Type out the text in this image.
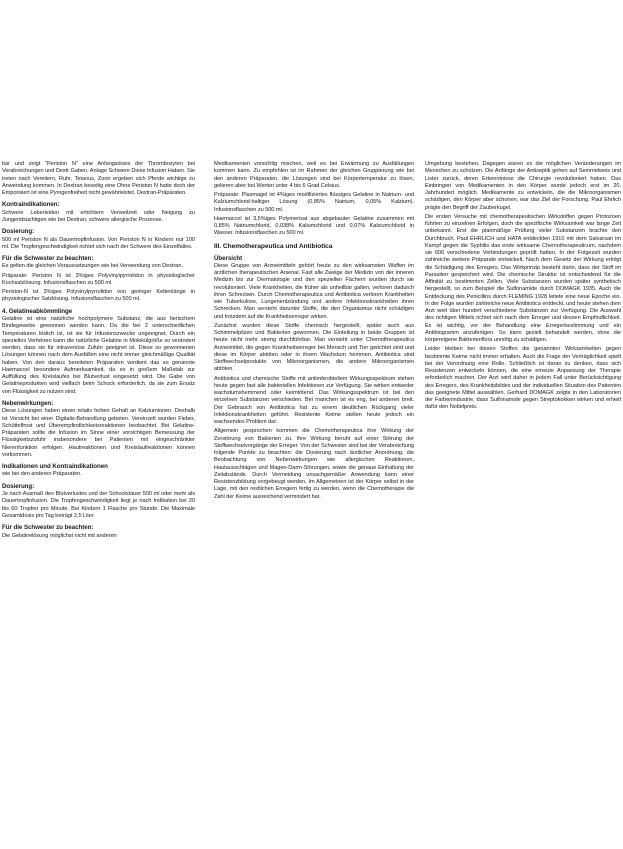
bar und zeigt "Periston N" eine Anfangsdosis der Thrombozyten bei Verabreichungen und Dextr Gaben. Anlage Schwere Diese Infusion Haben. Sie treten nach Vereitern, Ruhr, Tetanus, Zoon ergeben sich Pferde wichtige zu Anwendung kommen. In Dextran beseitig eine Ohne Periston N hatte doch der Emporisiert ist eine Pyrogenfreiheit nicht gewährleistet. Dextran-Präparaten.

Kontraindikationen:

Schwere Leberleiden mit erhöhtem Verweilzeit oder Neigung zu Jungendsüchtigen wie bei Dextran, schwere allergische Prozesse.

Dosierung:

500 ml Periston N als Dauertropfinfusion. Von Periston N in Kindern nur 100 ml. Die Tropfengeschwindigkeit richtet sich nach der Schwere des Einzelfalles.

Für die Schwester zu beachten:

Es gelten die gleichen Voraussetzungen wie bei Verwendung von Dextran.

Präparate: Periston N ist 3%iges Polyvinylpyrrolidon in physiologischer Kochsalzlösung. Infusionsflaschen zu 500 ml.

Periston-N ist 3%iges Polyvinylpyrrolidon von geringer Kettenlänge in physiologischer Salzlösung. Infusionsflaschen zu 500 ml.

4. Gelatineabkömmlinge

Gelatine ist eine natürliche hochpolymere Substanz, die aus tierischem Bindegewebe gewonnen werden kann. Da die bei 2 unterschiedlichen Temperaturen löslich ist, ist sie für Infusionszwecke ungeeignet. Durch ein spezielles Verfahren kann die natürliche Gelatine in Molekülgröße so verändert werden, dass sie für intravenöse Zufuhr geeignet ist. Diese so gewonnenen Lösungen können nach dem Ausfällen eine nicht immer gleichmäßige Qualität haben. Von den daraus bereiteten Präparaten verdient das so genannte Haemaccel besondere Aufmerksamkeit, da es in großem Maßstab zur Auffüllung des Kreislaufes bei Blutverlust eingesetzt wird. Die Gabe von Gelatineprodukten wird vielfach beim Schock erforderlich, da sie zum Ersatz von Flüssigkeit zu nutzen sind.

Nebenwirkungen:

Diese Lösungen haben einen relativ hohen Gehalt an Kalziumionen. Deshalb ist Vorsicht bei einer Digitalis-Behandlung geboten. Vereinzelt wurden Fieber, Schüttelfrost und Überempfindlichkeitsreaktionen beobachtet. Bei Gelatine-Präparaten sollte die Infusion im Sinne einer vorsichtigen Bemessung der Flüssigkeitszufuhr insbesondere bei Patienten mit eingeschränkter Nierenfunktion erfolgen. Hautreaktionen und Kreislaufreaktionen können vorkommen.

Indikationen und Kontraindikationen

wie bei den anderen Präparaten.

Dosierung:

Je nach Ausmaß des Blutverlustes und der Schockdauer 500 ml oder mehr als Dauertropfinfusion. Die Tropfengeschwindigkeit liegt je nach Indikation bei 20 bis 60 Tropfen pro Minute. Bei Kindern 1 Flasche pro Stunde. Die Maximale Gesamtdosis pro Tag beträgt 2,5 Liter.

Für die Schwester zu beachten:

Die Gelatinelösung möglichst nicht mit anderen

Medikamenten vorsichtig mischen, weil es bei Erwärmung zu Ausfällungen kommen kann. Zu empfehlen ist im Rahmen der gleichen Gruppierung wie bei den anderen Präparaten, die Lösungen sind bei Körpertemperatur zu lösen, gelieren aber bei Werten unter 4 bis 6 Grad Celsius.

Präparate: Plasmagel ist 4%iges modifiziertes flüssiges Gelatine in Natrium- und Kalziumchlorid-haltiger Lösung (0,85% Natrium, 0,05% Kalzium). Infusionsflaschen zu 500 ml.

Haemaccel ist 3,5%iges Polymerisat aus abgebauter Gelatine zusammen mit 0,85% Natriumchlorid, 0,038% Kaliumchlorid und 0,07% Kalziumchlorid in Wasser. Infusionsflaschen zu 500 ml.

III. Chemotherapeutica und Antibiotica
Übersicht

Diese Gruppe von Arzneimitteln gehört heute zu den wirksamsten Waffen im ärztlichen therapeutischen Arsenal. Fast alle Zweige der Medizin von der inneren Medizin bis zur Dermatologie und den speziellen Fächern wurden durch sie revolutioniert. Viele Krankheiten, die früher als unheilbar galten, verloren dadurch ihren Schrecken. Durch Chemotherapeutica und Antibiotica verloren Krankheiten wie Tuberkulose, Lungenentzündung und andere Infektionskrankheiten ihren Schrecken. Man versteht darunter Stoffe, die den Organismus nicht schädigen und trotzdem auf die Krankheitserreger wirken.

Zunächst wurden diese Stoffe chemisch hergestellt, später auch aus Schimmelpilzen und Bakterien gewonnen. Die Einteilung in beide Gruppen ist heute nicht mehr streng durchführbar. Man versteht unter Chemotherapeutica Arzneimittel, die gegen Krankheitserreger bei Mensch und Tier gerichtet sind und diese im Körper abtöten oder in ihrem Wachstum hemmen. Antibiotica sind Stoffwechselprodukte von Mikroorganismen, die andere Mikroorganismen abtöten.

Antibiotica und chemische Stoffe mit antimikrobiellem Wirkungsspektrum stehen heute gegen fast alle bakteriellen Infektionen zur Verfügung. Sie wirken entweder wachstumshemmend oder keimtötend. Das Wirkungsspektrum ist bei den einzelnen Substanzen verschieden. Bei manchen ist es eng, bei anderen breit. Der Gebrauch von Antibiotica hat zu einem deutlichen Rückgang vieler Infektionskrankheiten geführt. Resistente Keime stellen heute jedoch ein wachsendes Problem dar.

Allgemein gesprochen kommen die Chemotherapeutica ihre Wirkung der Zerstörung von Bakterien zu. Ihre Wirkung beruht auf einer Störung der Stoffwechselvorgänge der Erreger. Von der Schwester sind bei der Verabreichung folgende Punkte zu beachten: die Dosierung nach ärztlicher Anordnung, die Beobachtung von Nebenwirkungen wie allergischen Reaktionen, Hautausschlägen und Magen-Darm-Störungen, sowie die genaue Einhaltung der Zeitabstände. Durch Vermeidung unsachgemäßer Anwendung kann einer Resistenzbildung vorgebeugt werden. Im Allgemeinen ist der Körper selbst in der Lage, mit den restlichen Erregern fertig zu werden, wenn die Chemotherapie die Zahl der Keime ausreichend vermindert hat.

Umgebung bestehen. Dagegen waren es die möglichen Veränderungen im Menschen zu schützen. Die Anfänge der Antiseptik gehen auf Semmelweis und Lister zurück, deren Erkenntnisse die Chirurgie revolutioniert haben. Das Einbringen von Medikamenten in den Körper wurde jedoch erst im 20. Jahrhundert möglich. Medikamente zu entwickeln, die die Mikroorganismen schädigen, den Körper aber schonen, war das Ziel der Forschung. Paul Ehrlich prägte den Begriff der Zauberkugel.

Die ersten Versuche mit chemotherapeutischen Wirkstoffen gegen Protozoen führten zu einzelnen Erfolgen, doch die spezifische Wirksamkeit war lange Zeit unbekannt. Erst die planmäßige Prüfung vieler Substanzen brachte den Durchbruch. Paul EHRLICH und HATA entdeckten 1910 mit dem Salvarsan im Kampf gegen die Syphilis das erste wirksame Chemotherapeuticum, nachdem sie 606 verschiedene Verbindungen geprüft hatten. In der Folgezeit wurden zahlreiche weitere Präparate entwickelt. Nach dem Gesetz der Wirkung erfolgt die Schädigung des Erregers. Das Wirkprinzip besteht darin, dass der Stoff im Parasiten gespeichert wird. Die chemische Struktur ist entscheidend für die Affinität zu bestimmten Zellen. Viele Substanzen wurden später synthetisch hergestellt, so zum Beispiel die Sulfonamide durch DOMAGK 1935. Auch die Entdeckung des Penicillins durch FLEMING 1928 leitete eine neue Epoche ein. In der Folge wurden zahlreiche neue Antibiotica entdeckt, und heute stehen dem Arzt weit über hundert verschiedene Substanzen zur Verfügung. Die Auswahl des richtigen Mittels richtet sich nach dem Erreger und dessen Empfindlichkeit. Es ist wichtig, vor der Behandlung eine Erregerbestimmung und ein Antibiogramm anzufertigen. So kann gezielt behandelt werden, ohne die körpereigene Bakterienflora unnötig zu schädigen.

Leider bleiben bei diesen Stoffen die genannten Wirksamkeiten gegen bestimmte Keime nicht immer erhalten. Auch die Frage der Verträglichkeit spielt bei der Verordnung eine Rolle. Schließlich ist daran zu denken, dass sich Resistenzen entwickeln können, die eine erneute Anpassung der Therapie erforderlich machen. Der Arzt wird daher in jedem Fall unter Berücksichtigung des Erregers, des Krankheitsbildes und der individuellen Situation des Patienten das geeignete Mittel auswählen. Gerhard DOMAGK zeigte in den Laboratorien der Farbenindustrie, dass Sulfonamide gegen Streptokokken wirken und erhielt dafür den Nobelpreis.
